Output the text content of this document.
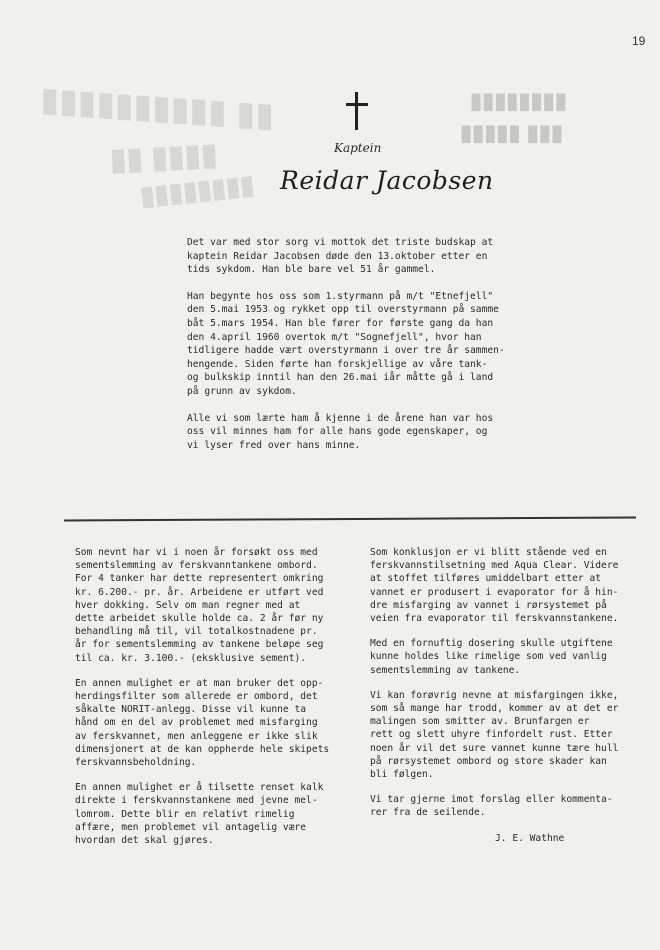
▮▮ ▮▮▮▮▮▮▮▮▮▮
▮▮▮▮ ▮▮
▮▮▮▮▮▮▮▮
▮▮▮▮▮▮▮▮
▮▮▮ ▮▮▮▮▮
19
Kaptein
Reidar Jacobsen

Det var med stor sorg vi mottok det triste budskap at
kaptein Reidar Jacobsen døde den 13.oktober etter en
tids sykdom. Han ble bare vel 51 år gammel.

Han begynte hos oss som 1.styrmann på m/t "Etnefjell"
den 5.mai 1953 og rykket opp til overstyrmann på samme
båt 5.mars 1954. Han ble fører for første gang da han
den 4.april 1960 overtok m/t "Sognefjell", hvor han
tidligere hadde vært overstyrmann i over tre år sammen-
hengende. Siden førte han forskjellige av våre tank-
og bulkskip inntil han den 26.mai iår måtte gå i land
på grunn av sykdom.

Alle vi som lærte ham å kjenne i de årene han var hos
oss vil minnes ham for alle hans gode egenskaper, og
vi lyser fred over hans minne.

Som nevnt har vi i noen år forsøkt oss med
sementslemming av ferskvanntankene ombord.
For 4 tanker har dette representert omkring
kr. 6.200.- pr. år. Arbeidene er utført ved
hver dokking. Selv om man regner med at
dette arbeidet skulle holde ca. 2 år før ny
behandling må til, vil totalkostnadene pr.
år for sementslemming av tankene beløpe seg
til ca. kr. 3.100.- (eksklusive sement).

En annen mulighet er at man bruker det opp-
herdingsfilter som allerede er ombord, det
såkalte NORIT-anlegg. Disse vil kunne ta
hånd om en del av problemet med misfarging
av ferskvannet, men anleggene er ikke slik
dimensjonert at de kan oppherde hele skipets
ferskvannsbeholdning.

En annen mulighet er å tilsette renset kalk
direkte i ferskvannstankene med jevne mel-
lomrom. Dette blir en relativt rimelig
affære, men problemet vil antagelig være
hvordan det skal gjøres.

Som konklusjon er vi blitt stående ved en
ferskvannstilsetning med Aqua Clear. Videre
at stoffet tilføres umiddelbart etter at
vannet er produsert i evaporator for å hin-
dre misfarging av vannet i rørsystemet på
veien fra evaporator til ferskvannstankene.

Med en fornuftig dosering skulle utgiftene
kunne holdes like rimelige som ved vanlig
sementslemming av tankene.

Vi kan forøvrig nevne at misfargingen ikke,
som så mange har trodd, kommer av at det er
malingen som smitter av. Brunfargen er
rett og slett uhyre finfordelt rust. Etter
noen år vil det sure vannet kunne tære hull
på rørsystemet ombord og store skader kan
bli følgen.

Vi tar gjerne imot forslag eller kommenta-
rer fra de seilende.

J. E. Wathne
